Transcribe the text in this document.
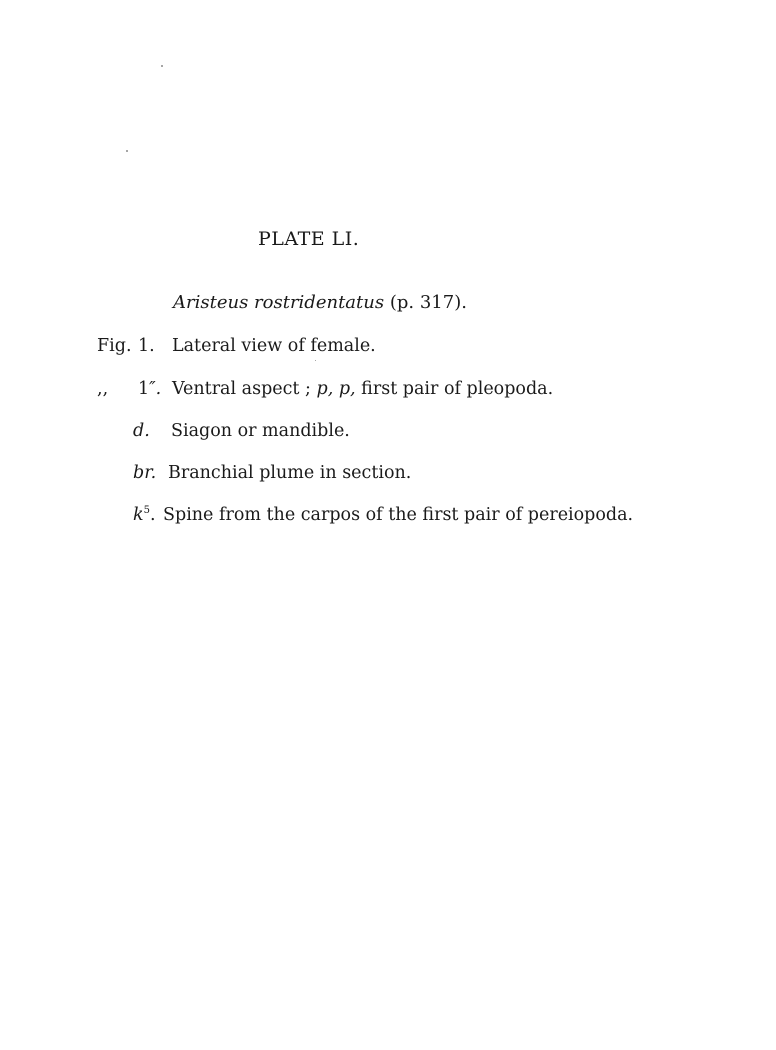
PLATE LI.
Aristeus rostridentatus (p. 317).
Fig. 1. Lateral view of female.
,, 1″. Ventral aspect ; p, p, first pair of pleopoda.
d. Siagon or mandible.
br. Branchial plume in section.
$k^5$. Spine from the carpos of the first pair of pereiopoda.
